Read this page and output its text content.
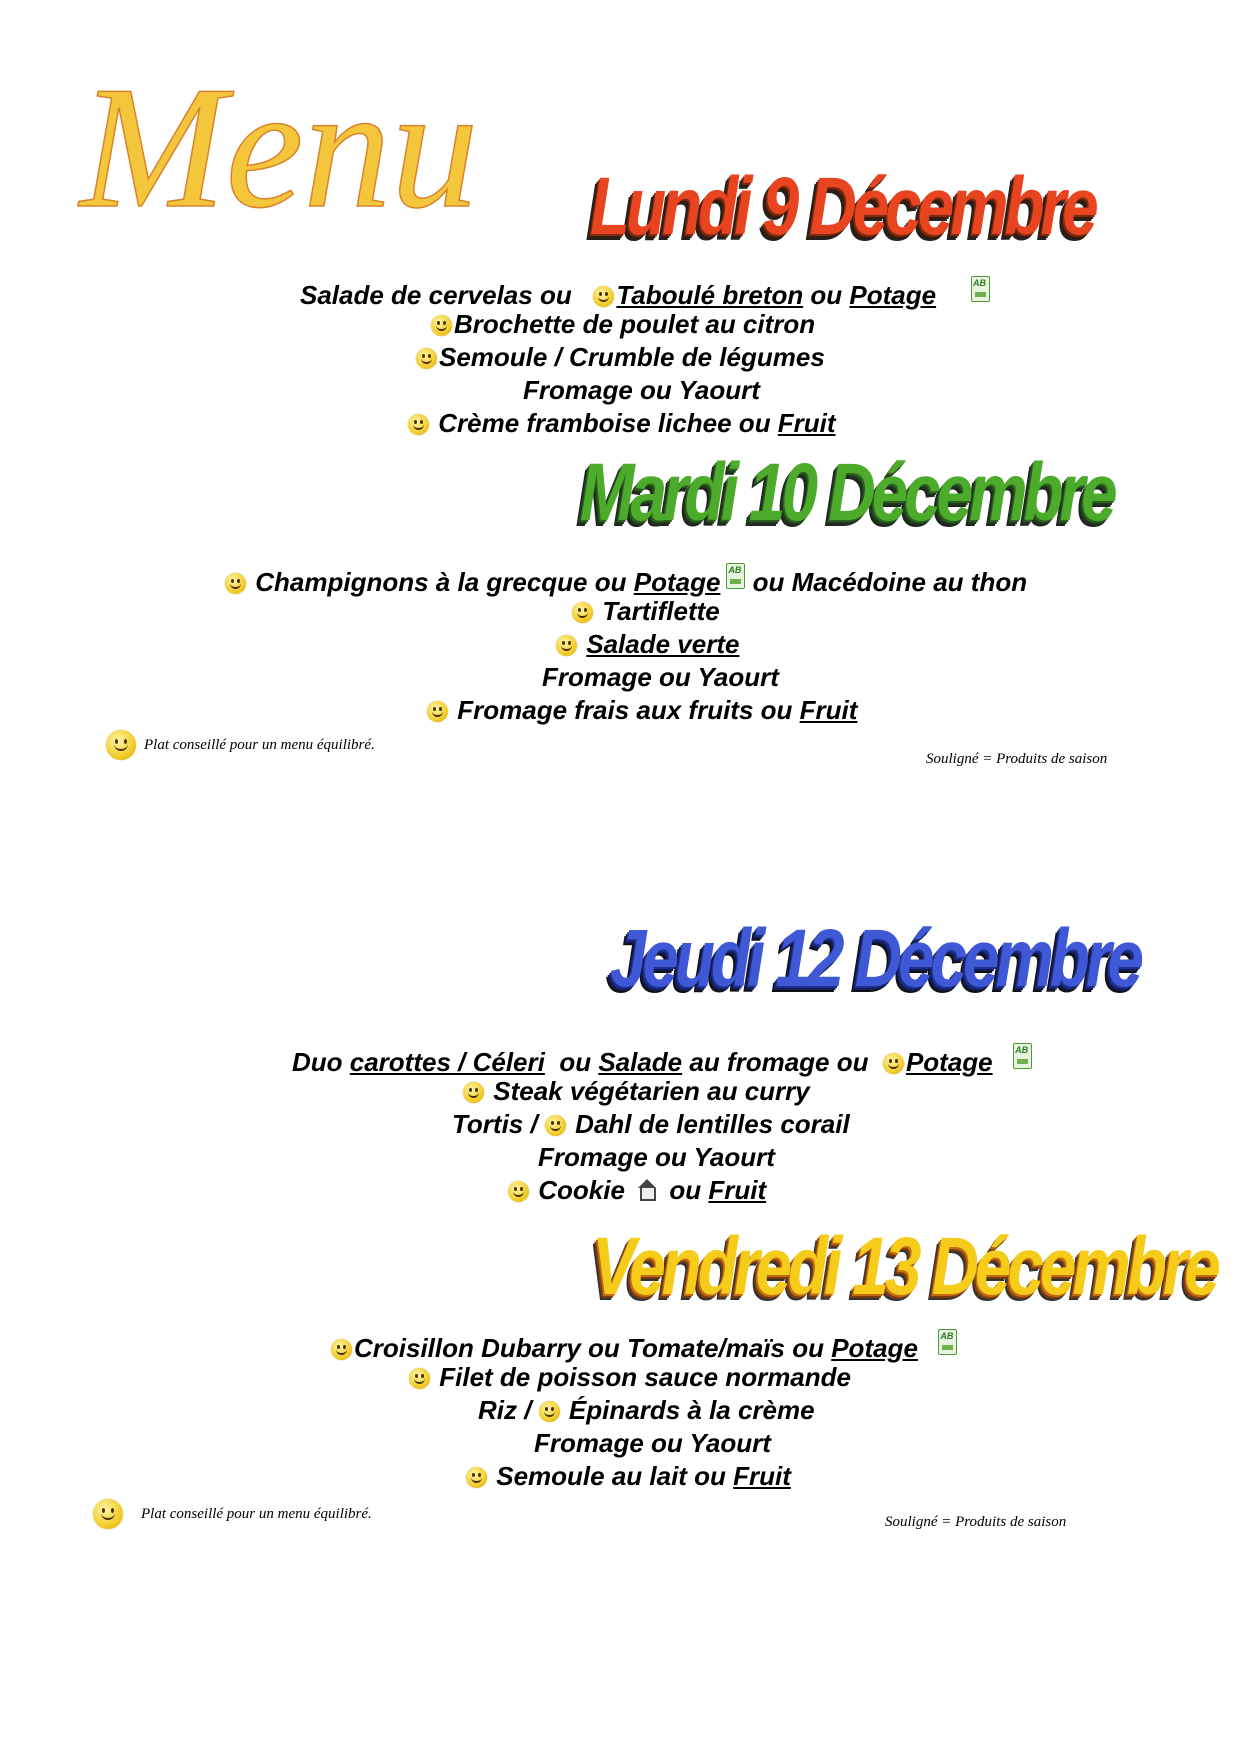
Menu Lundi 9 Décembre

Salade de cervelas ou   Taboulé breton ou Potage    AB

Brochette de poulet au citron

Semoule / Crumble de légumes

Fromage ou Yaourt

Crème framboise lichee ou Fruit

Mardi 10 Décembre

Champignons à la grecque ou PotageAB ou Macédoine au thon

Tartiflette

Salade verte

Fromage ou Yaourt

Fromage frais aux fruits ou Fruit

Plat conseillé pour un menu équilibré.

Souligné = Produits de saison

Jeudi 12 Décembre

Duo carottes / Céleri  ou Salade au fromage ou  Potage  AB

Steak végétarien au curry

Tortis /  Dahl de lentilles corail

Fromage ou Yaourt

Cookie  ou Fruit

Vendredi 13 Décembre

Croisillon Dubarry ou Tomate/maïs ou Potage  AB

Filet de poisson sauce normande

Riz /  Épinards à la crème

Fromage ou Yaourt

Semoule au lait ou Fruit

Plat conseillé pour un menu équilibré.

Souligné = Produits de saison
